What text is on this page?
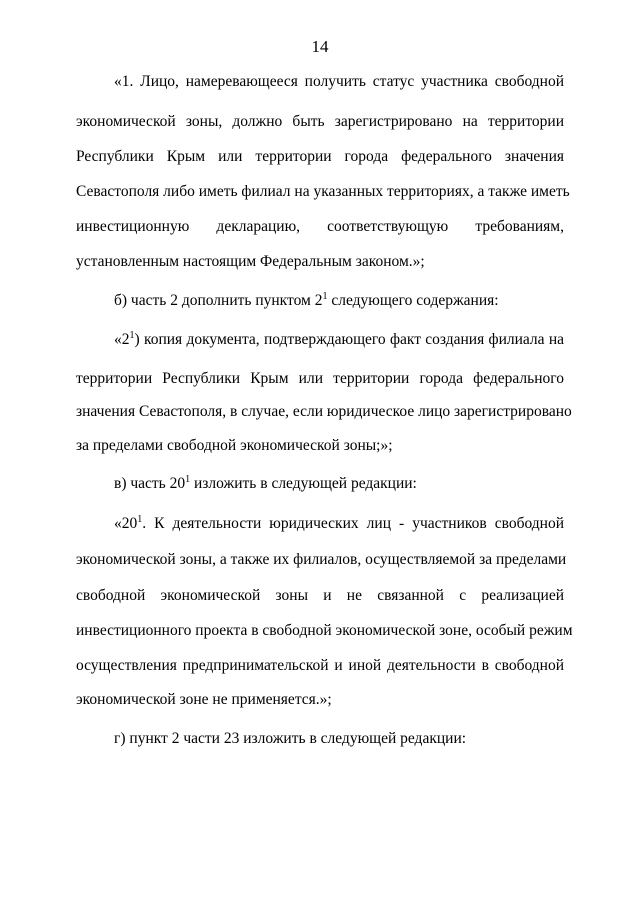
14
«1. Лицо, намеревающееся получить статус участника свободной
экономической зоны, должно быть зарегистрировано на территории
Республики Крым или территории города федерального значения
Севастополя либо иметь филиал на указанных территориях, а также иметь
инвестиционную декларацию, соответствующую требованиям,
установленным настоящим Федеральным законом.»;
б) часть 2 дополнить пунктом $2^1$ следующего содержания:
«$2^1$) копия документа, подтверждающего факт создания филиала на
территории Республики Крым или территории города федерального
значения Севастополя, в случае, если юридическое лицо зарегистрировано
за пределами свободной экономической зоны;»;
в) часть $20^1$ изложить в следующей редакции:
«$20^1$. К деятельности юридических лиц - участников свободной
экономической зоны, а также их филиалов, осуществляемой за пределами
свободной экономической зоны и не связанной с реализацией
инвестиционного проекта в свободной экономической зоне, особый режим
осуществления предпринимательской и иной деятельности в свободной
экономической зоне не применяется.»;
г) пункт 2 части 23 изложить в следующей редакции:
